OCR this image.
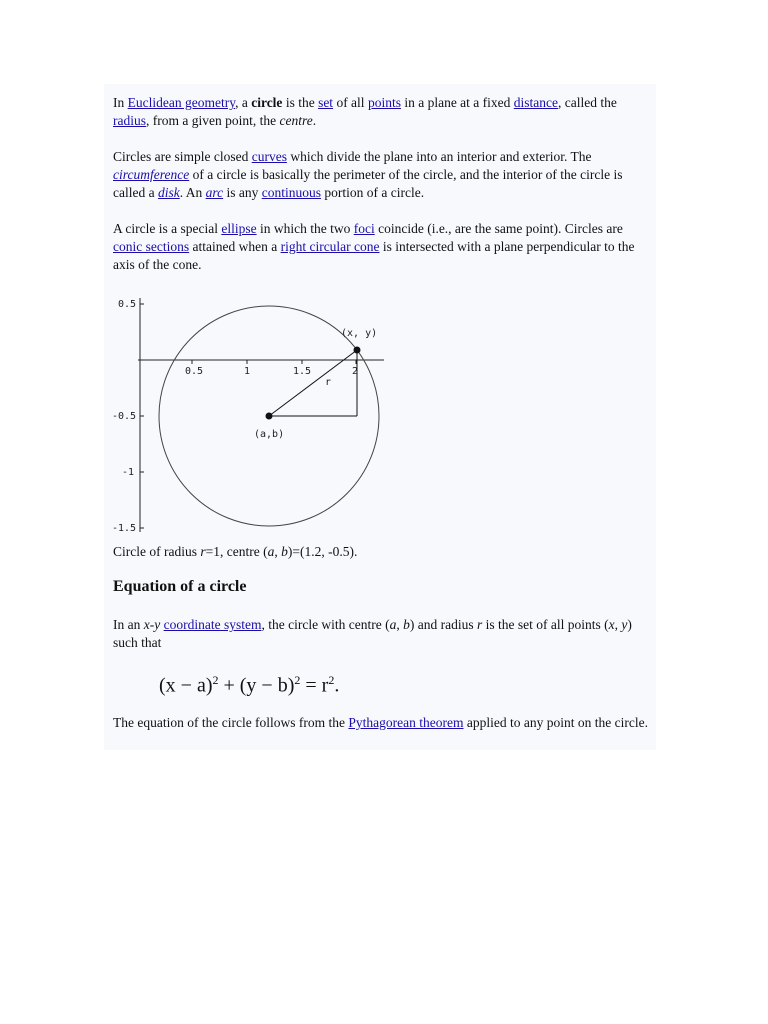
In Euclidean geometry, a circle is the set of all points in a plane at a fixed distance, called the radius, from a given point, the centre.

Circles are simple closed curves which divide the plane into an interior and exterior. The circumference of a circle is basically the perimeter of the circle, and the interior of the circle is called a disk. An arc is any continuous portion of a circle.

A circle is a special ellipse in which the two foci coincide (i.e., are the same point). Circles are conic sections attained when a right circular cone is intersected with a plane perpendicular to the axis of the cone.

0.5	1	1.5	2
0.5
-0.5
-1
-1.5
(x, y)
r
(a,b)

Circle of radius r=1, centre (a, b)=(1.2, -0.5).

Equation of a circle

In an x-y coordinate system, the circle with centre (a, b) and radius r is the set of all points (x, y) such that

$(x - a)^2 + (y - b)^2 = r^2$.

The equation of the circle follows from the Pythagorean theorem applied to any point on the circle.
